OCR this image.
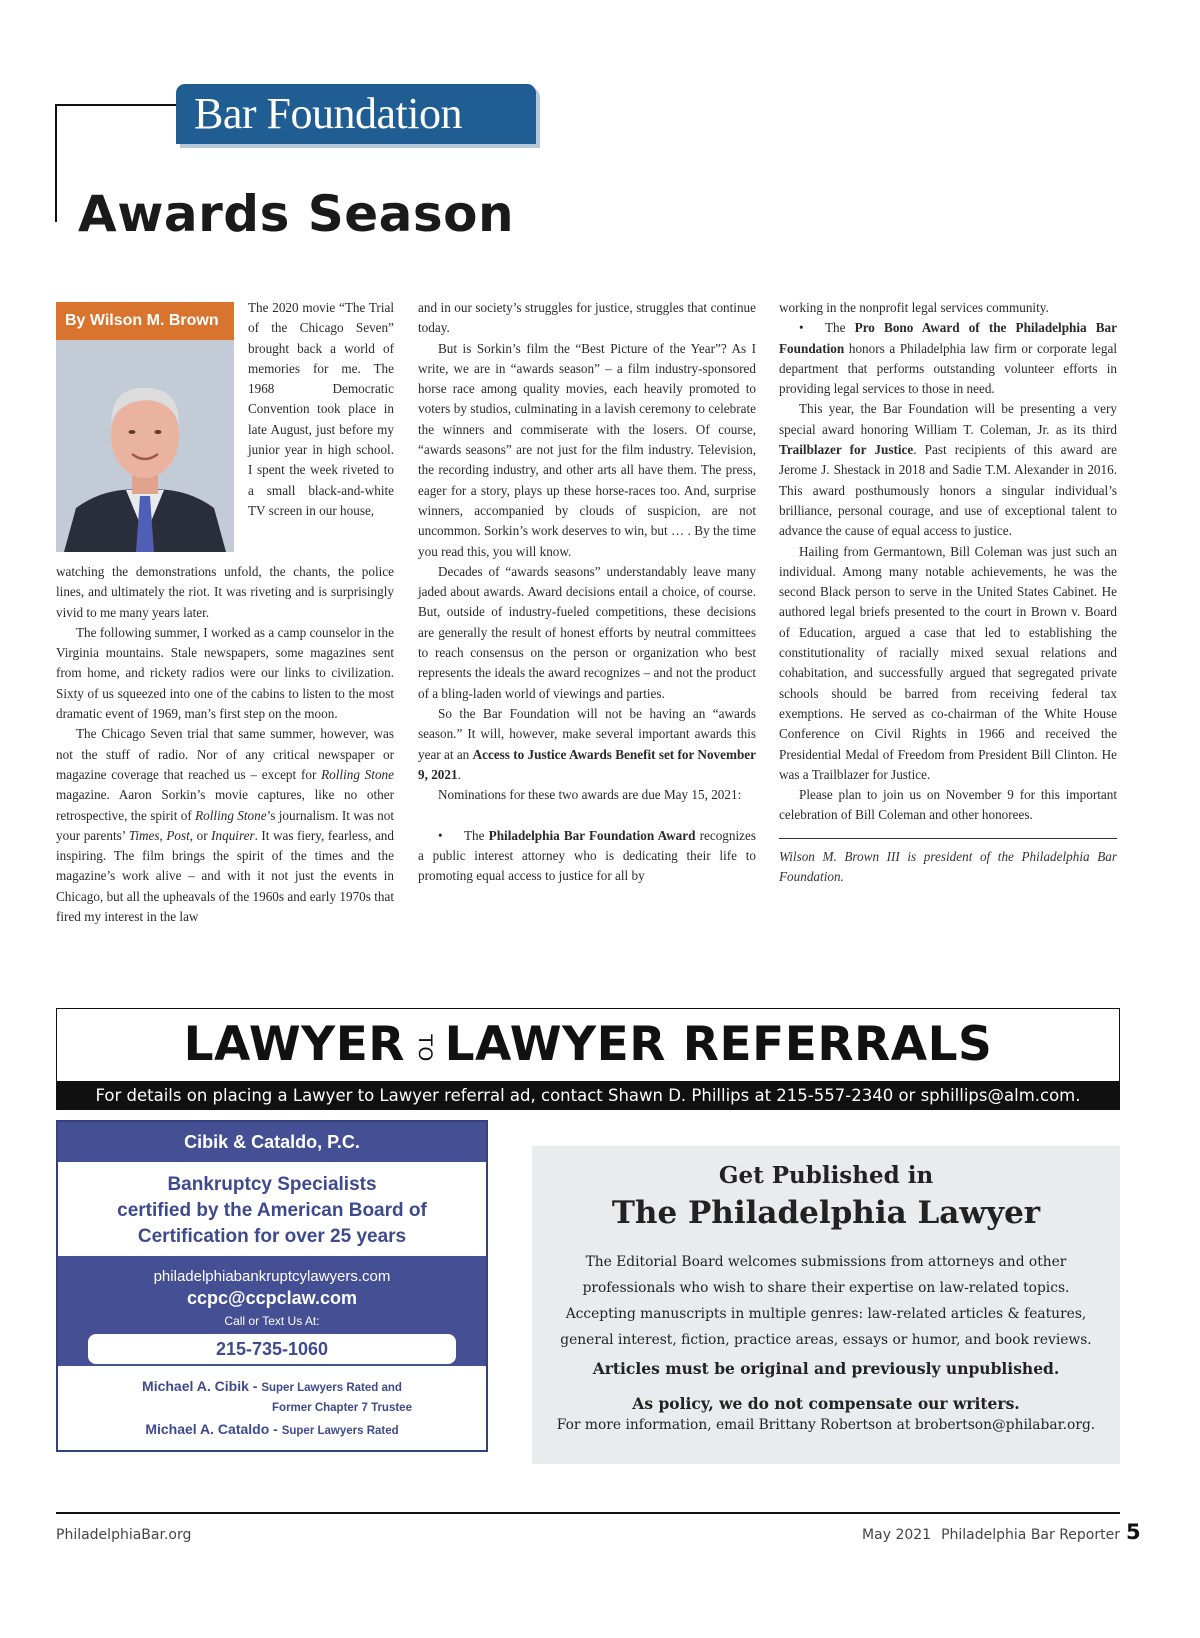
Bar Foundation
Awards Season
By Wilson M. Brown

The 2020 movie “The Trial of the Chicago Seven” brought back a world of memories for me. The 1968 Democratic Convention took place in late August, just before my junior year in high school. I spent the week riveted to a small black-and-white TV screen in our house,

watching the demonstrations unfold, the chants, the police lines, and ultimately the riot. It was riveting and is surprisingly vivid to me many years later.

The following summer, I worked as a camp counselor in the Virginia mountains. Stale newspapers, some magazines sent from home, and rickety radios were our links to civilization. Sixty of us squeezed into one of the cabins to listen to the most dramatic event of 1969, man’s first step on the moon.

The Chicago Seven trial that same summer, however, was not the stuff of radio. Nor of any critical newspaper or magazine coverage that reached us – except for Rolling Stone magazine. Aaron Sorkin’s movie captures, like no other retrospective, the spirit of Rolling Stone’s journalism. It was not your parents’ Times, Post, or Inquirer. It was fiery, fearless, and inspiring. The film brings the spirit of the times and the magazine’s work alive – and with it not just the events in Chicago, but all the upheavals of the 1960s and early 1970s that fired my interest in the law

and in our society’s struggles for justice, struggles that continue today.

But is Sorkin’s film the “Best Picture of the Year”? As I write, we are in “awards season” – a film industry-sponsored horse race among quality movies, each heavily promoted to voters by studios, culminating in a lavish ceremony to celebrate the winners and commiserate with the losers. Of course, “awards seasons” are not just for the film industry. Television, the recording industry, and other arts all have them. The press, eager for a story, plays up these horse-races too. And, surprise winners, accompanied by clouds of suspicion, are not uncommon. Sorkin’s work deserves to win, but … . By the time you read this, you will know.

Decades of “awards seasons” understandably leave many jaded about awards. Award decisions entail a choice, of course. But, outside of industry-fueled competitions, these decisions are generally the result of honest efforts by neutral committees to reach consensus on the person or organization who best represents the ideals the award recognizes – and not the product of a bling-laden world of viewings and parties.

So the Bar Foundation will not be having an “awards season.” It will, however, make several important awards this year at an Access to Justice Awards Benefit set for November 9, 2021.

Nominations for these two awards are due May 15, 2021:

• The Philadelphia Bar Foundation Award recognizes a public interest attorney who is dedicating their life to promoting equal access to justice for all by

working in the nonprofit legal services community.

• The Pro Bono Award of the Philadelphia Bar Foundation honors a Philadelphia law firm or corporate legal department that performs outstanding volunteer efforts in providing legal services to those in need.

This year, the Bar Foundation will be presenting a very special award honoring William T. Coleman, Jr. as its third Trailblazer for Justice. Past recipients of this award are Jerome J. Shestack in 2018 and Sadie T.M. Alexander in 2016. This award posthumously honors a singular individual’s brilliance, personal courage, and use of exceptional talent to advance the cause of equal access to justice.

Hailing from Germantown, Bill Coleman was just such an individual. Among many notable achievements, he was the second Black person to serve in the United States Cabinet. He authored legal briefs presented to the court in Brown v. Board of Education, argued a case that led to establishing the constitutionality of racially mixed sexual relations and cohabitation, and successfully argued that segregated private schools should be barred from receiving federal tax exemptions. He served as co-chairman of the White House Conference on Civil Rights in 1966 and received the Presidential Medal of Freedom from President Bill Clinton. He was a Trailblazer for Justice.

Please plan to join us on November 9 for this important celebration of Bill Coleman and other honorees.

Wilson M. Brown III is president of the Philadelphia Bar Foundation.

LAWYER TO LAWYER REFERRALS
For details on placing a Lawyer to Lawyer referral ad, contact Shawn D. Phillips at 215-557-2340 or sphillips@alm.com.
Cibik & Cataldo, P.C.
Bankruptcy Specialists
certified by the American Board of
Certification for over 25 years
philadelphiabankruptcylawyers.com
ccpc@ccpclaw.com
Call or Text Us At:
215-735-1060
Michael A. Cibik - Super Lawyers Rated and
Former Chapter 7 Trustee
Michael A. Cataldo - Super Lawyers Rated
Get Published in
The Philadelphia Lawyer
The Editorial Board welcomes submissions from attorneys and other
professionals who wish to share their expertise on law-related topics.
Accepting manuscripts in multiple genres: law-related articles & features,
general interest, fiction, practice areas, essays or humor, and book reviews.
Articles must be original and previously unpublished.
As policy, we do not compensate our writers.
For more information, email Brittany Robertson at brobertson@philabar.org.
PhiladelphiaBar.org	May 2021 Philadelphia Bar Reporter 5
